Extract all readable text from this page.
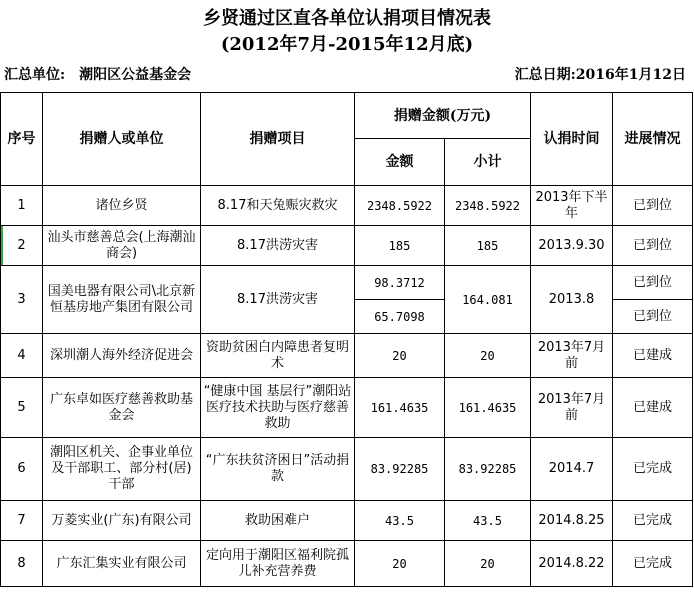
乡贤通过区直各单位认捐项目情况表
(2012年7月-2015年12月底)
汇总单位: 潮阳区公益基金会	汇总日期:2016年1月12日
序号	捐赠人或单位	捐赠项目	捐赠金额(万元)		认捐时间	进展情况
			金额	小计		
1	诸位乡贤	8.17和天兔赈灾救灾	2348.5922	2348.5922	2013年下半年	已到位
2	汕头市慈善总会(上海潮汕商会)	8.17洪涝灾害	185	185	2013.9.30	已到位
3	国美电器有限公司\北京新恒基房地产集团有限公司	8.17洪涝灾害	98.3712	164.081	2013.8	已到位
			65.7098			已到位
4	深圳潮人海外经济促进会	资助贫困白内障患者复明术	20	20	2013年7月前	已建成
5	广东卓如医疗慈善救助基金会	“健康中国 基层行”潮阳站医疗技术扶助与医疗慈善救助	161.4635	161.4635	2013年7月前	已建成
6	潮阳区机关、企事业单位及干部职工、部分村(居)干部	“广东扶贫济困日”活动捐款	83.92285	83.92285	2014.7	已完成
7	万菱实业(广东)有限公司	救助困难户	43.5	43.5	2014.8.25	已完成
8	广东汇集实业有限公司	定向用于潮阳区福利院孤儿补充营养费	20	20	2014.8.22	已完成
